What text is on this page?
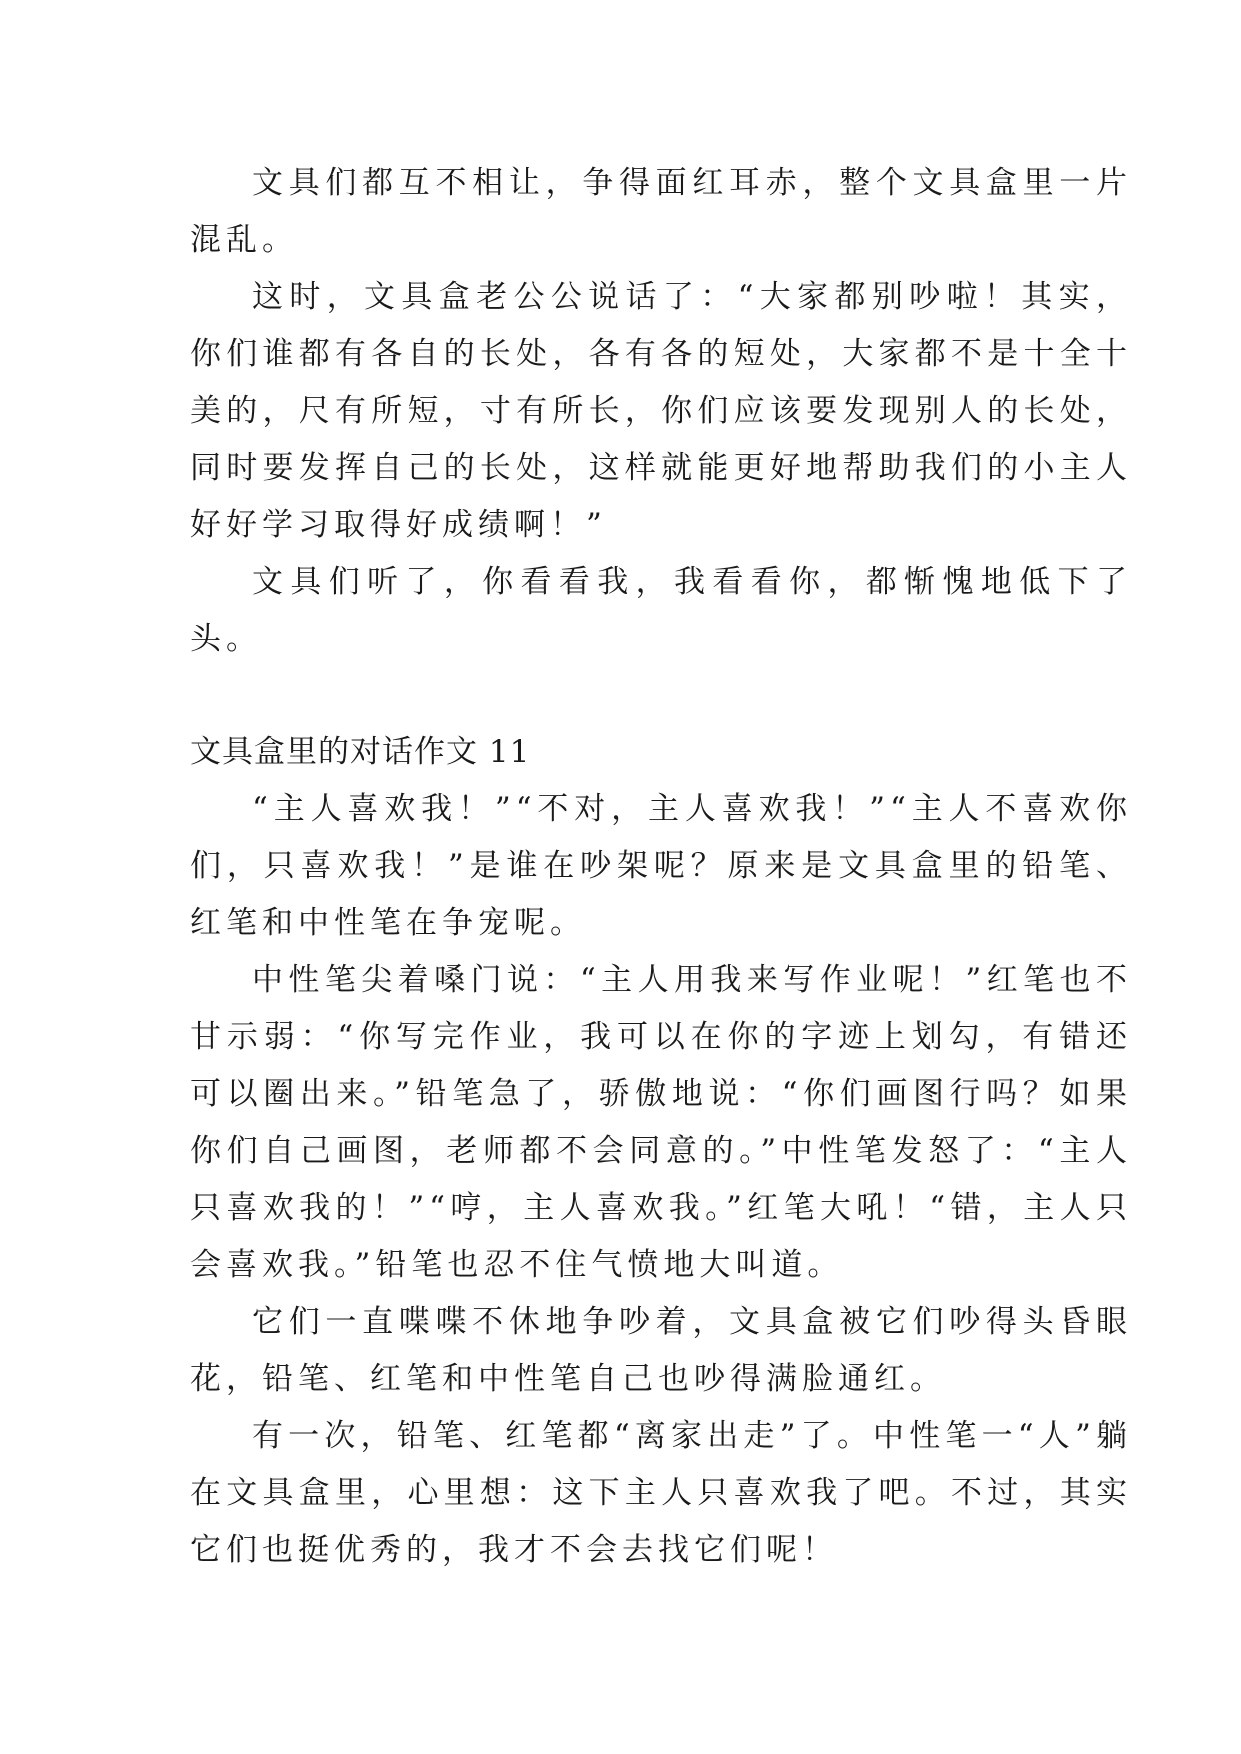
文具们都互不相让，争得面红耳赤，整个文具盒里一片混乱。

这时，文具盒老公公说话了：“大家都别吵啦！其实，你们谁都有各自的长处，各有各的短处，大家都不是十全十美的，尺有所短，寸有所长，你们应该要发现别人的长处，同时要发挥自己的长处，这样就能更好地帮助我们的小主人好好学习取得好成绩啊！”

文具们听了，你看看我，我看看你，都惭愧地低下了头。

文具盒里的对话作文 11

“主人喜欢我！”“不对，主人喜欢我！”“主人不喜欢你们，只喜欢我！”是谁在吵架呢？原来是文具盒里的铅笔、红笔和中性笔在争宠呢。

中性笔尖着嗓门说：“主人用我来写作业呢！”红笔也不甘示弱：“你写完作业，我可以在你的字迹上划勾，有错还可以圈出来。”铅笔急了，骄傲地说：“你们画图行吗？如果你们自己画图，老师都不会同意的。”中性笔发怒了：“主人只喜欢我的！”“哼，主人喜欢我。”红笔大吼！“错，主人只会喜欢我。”铅笔也忍不住气愤地大叫道。

它们一直喋喋不休地争吵着，文具盒被它们吵得头昏眼花，铅笔、红笔和中性笔自己也吵得满脸通红。

有一次，铅笔、红笔都“离家出走”了。中性笔一“人”躺在文具盒里，心里想：这下主人只喜欢我了吧。不过，其实它们也挺优秀的，我才不会去找它们呢！
